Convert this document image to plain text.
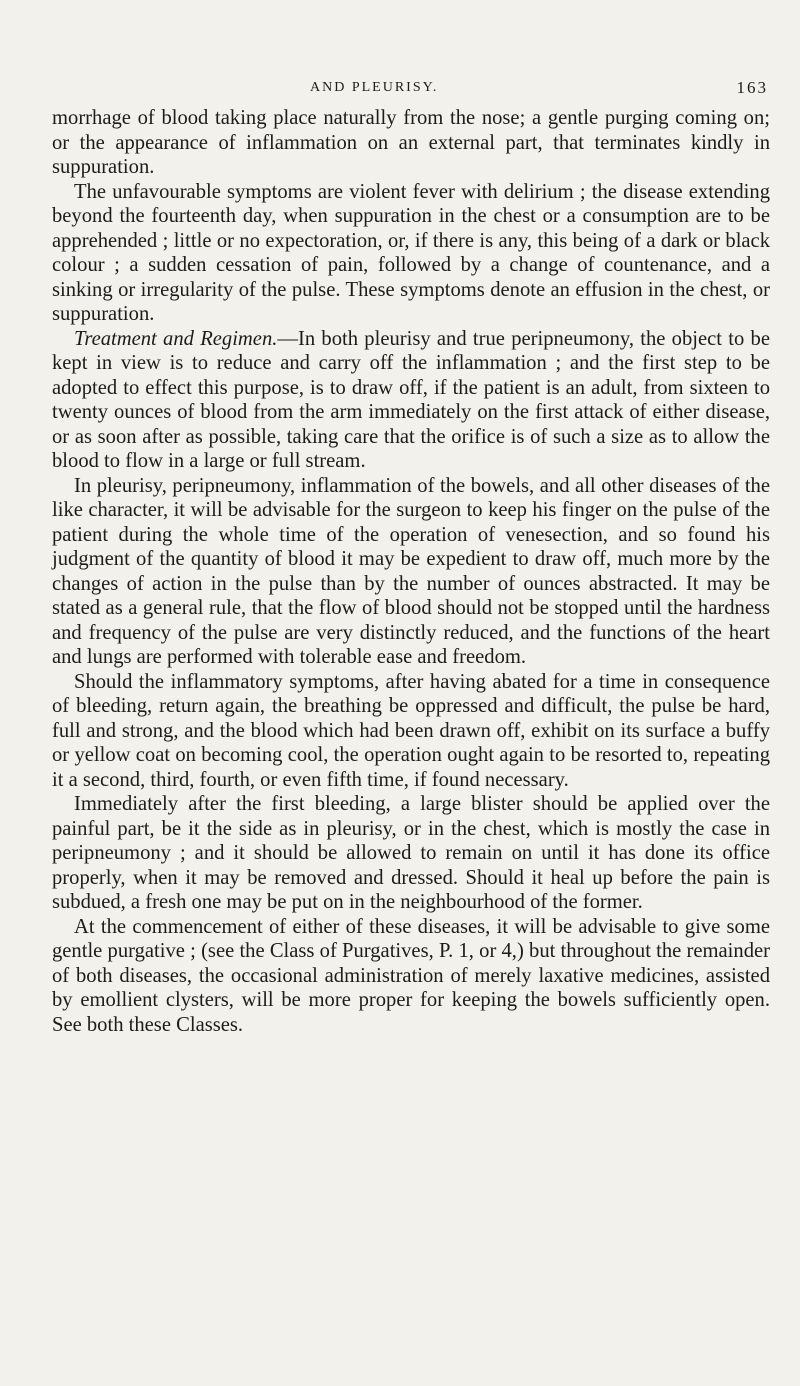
AND PLEURISY.	163

morrhage of blood taking place naturally from the nose; a gentle purging coming on; or the appearance of inflammation on an external part, that terminates kindly in suppuration.

The unfavourable symptoms are violent fever with delirium ; the disease extending beyond the fourteenth day, when suppuration in the chest or a consumption are to be apprehended ; little or no expectoration, or, if there is any, this being of a dark or black colour ; a sudden cessation of pain, followed by a change of countenance, and a sinking or irregularity of the pulse. These symptoms denote an effusion in the chest, or suppuration.

Treatment and Regimen.—In both pleurisy and true peripneumony, the object to be kept in view is to reduce and carry off the inflammation ; and the first step to be adopted to effect this purpose, is to draw off, if the patient is an adult, from sixteen to twenty ounces of blood from the arm immediately on the first attack of either disease, or as soon after as possible, taking care that the orifice is of such a size as to allow the blood to flow in a large or full stream.

In pleurisy, peripneumony, inflammation of the bowels, and all other diseases of the like character, it will be advisable for the surgeon to keep his finger on the pulse of the patient during the whole time of the operation of venesection, and so found his judgment of the quantity of blood it may be expedient to draw off, much more by the changes of action in the pulse than by the number of ounces abstracted. It may be stated as a general rule, that the flow of blood should not be stopped until the hardness and frequency of the pulse are very distinctly reduced, and the functions of the heart and lungs are performed with tolerable ease and freedom.

Should the inflammatory symptoms, after having abated for a time in consequence of bleeding, return again, the breathing be oppressed and difficult, the pulse be hard, full and strong, and the blood which had been drawn off, exhibit on its surface a buffy or yellow coat on becoming cool, the operation ought again to be resorted to, repeating it a second, third, fourth, or even fifth time, if found necessary.

Immediately after the first bleeding, a large blister should be applied over the painful part, be it the side as in pleurisy, or in the chest, which is mostly the case in peripneumony ; and it should be allowed to remain on until it has done its office properly, when it may be removed and dressed. Should it heal up before the pain is subdued, a fresh one may be put on in the neighbourhood of the former.

At the commencement of either of these diseases, it will be advisable to give some gentle purgative ; (see the Class of Purgatives, P. 1, or 4,) but throughout the remainder of both diseases, the occasional administration of merely laxative medicines, assisted by emollient clysters, will be more proper for keeping the bowels sufficiently open. See both these Classes.
